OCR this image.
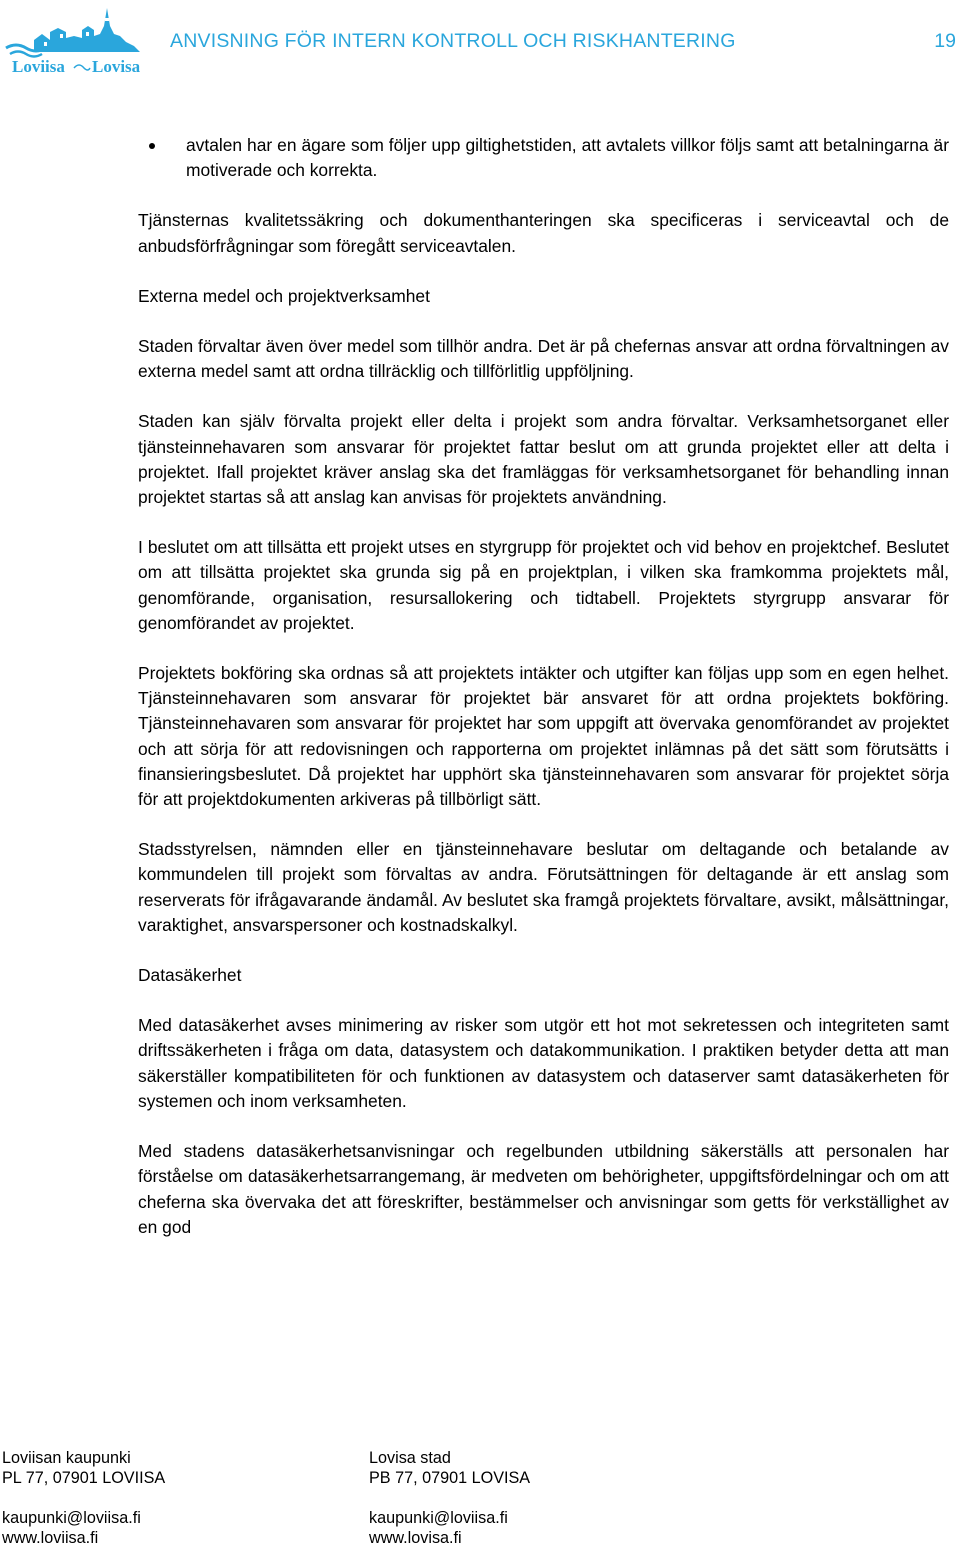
Loviisa Lovisa
ANVISNING FÖR INTERN KONTROLL OCH RISKHANTERING	19
avtalen har en ägare som följer upp giltighetstiden, att avtalets villkor följs samt att betalningarna är motiverade och korrekta.

Tjänsternas kvalitetssäkring och dokumenthanteringen ska specificeras i serviceavtal och de anbudsförfrågningar som föregått serviceavtalen.

Externa medel och projektverksamhet

Staden förvaltar även över medel som tillhör andra. Det är på chefernas ansvar att ordna förvaltningen av externa medel samt att ordna tillräcklig och tillförlitlig uppföljning.

Staden kan själv förvalta projekt eller delta i projekt som andra förvaltar. Verksamhetsorganet eller tjänsteinnehavaren som ansvarar för projektet fattar beslut om att grunda projektet eller att delta i projektet. Ifall projektet kräver anslag ska det framläggas för verksamhetsorganet för behandling innan projektet startas så att anslag kan anvisas för projektets användning.

I beslutet om att tillsätta ett projekt utses en styrgrupp för projektet och vid behov en projektchef. Beslutet om att tillsätta projektet ska grunda sig på en projektplan, i vilken ska framkomma projektets mål, genomförande, organisation, resursallokering och tidtabell. Projektets styrgrupp ansvarar för genomförandet av projektet.

Projektets bokföring ska ordnas så att projektets intäkter och utgifter kan följas upp som en egen helhet. Tjänsteinnehavaren som ansvarar för projektet bär ansvaret för att ordna projektets bokföring. Tjänsteinnehavaren som ansvarar för projektet har som uppgift att övervaka genomförandet av projektet och att sörja för att redovisningen och rapporterna om projektet inlämnas på det sätt som förutsätts i finansieringsbeslutet. Då projektet har upphört ska tjänsteinnehavaren som ansvarar för projektet sörja för att projektdokumenten arkiveras på tillbörligt sätt.

Stadsstyrelsen, nämnden eller en tjänsteinnehavare beslutar om deltagande och betalande av kommundelen till projekt som förvaltas av andra. Förutsättningen för deltagande är ett anslag som reserverats för ifrågavarande ändamål. Av beslutet ska framgå projektets förvaltare, avsikt, målsättningar, varaktighet, ansvarspersoner och kostnadskalkyl.

Datasäkerhet

Med datasäkerhet avses minimering av risker som utgör ett hot mot sekretessen och integriteten samt driftssäkerheten i fråga om data, datasystem och datakommunikation. I praktiken betyder detta att man säkerställer kompatibiliteten för och funktionen av datasystem och dataserver samt datasäkerheten för systemen och inom verksamheten.

Med stadens datasäkerhetsanvisningar och regelbunden utbildning säkerställs att personalen har förståelse om datasäkerhetsarrangemang, är medveten om behörigheter, uppgiftsfördelningar och om att cheferna ska övervaka det att föreskrifter, bestämmelser och anvisningar som getts för verkställighet av en god

Loviisan kaupunki
PL 77, 07901 LOVIISA
kaupunki@loviisa.fi
www.loviisa.fi
Lovisa stad
PB 77, 07901 LOVISA
kaupunki@loviisa.fi
www.lovisa.fi
